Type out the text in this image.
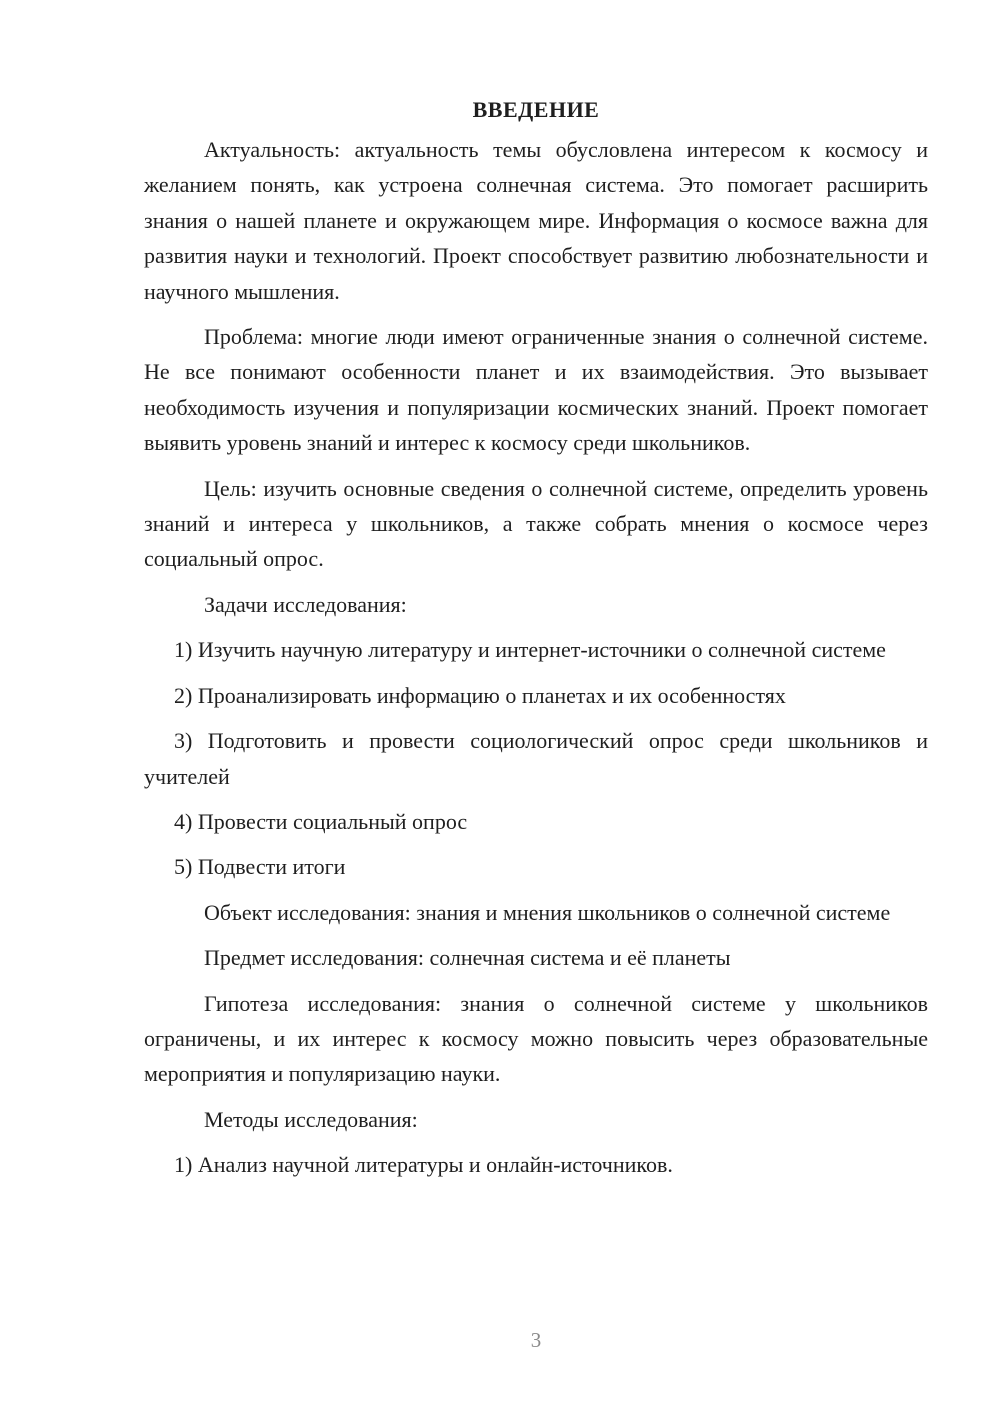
ВВЕДЕНИЕ

Актуальность: актуальность темы обусловлена интересом к космосу и желанием понять, как устроена солнечная система. Это помогает расширить знания о нашей планете и окружающем мире. Информация о космосе важна для развития науки и технологий. Проект способствует развитию любознательности и научного мышления.

Проблема: многие люди имеют ограниченные знания о солнечной системе. Не все понимают особенности планет и их взаимодействия. Это вызывает необходимость изучения и популяризации космических знаний. Проект помогает выявить уровень знаний и интерес к космосу среди школьников.

Цель: изучить основные сведения о солнечной системе, определить уровень знаний и интереса у школьников, а также собрать мнения о космосе через социальный опрос.

Задачи исследования:

1) Изучить научную литературу и интернет-источники о солнечной системе

2) Проанализировать информацию о планетах и их особенностях

3) Подготовить и провести социологический опрос среди школьников и учителей

4) Провести социальный опрос

5) Подвести итоги

Объект исследования: знания и мнения школьников о солнечной системе

Предмет исследования: солнечная система и её планеты

Гипотеза исследования: знания о солнечной системе у школьников ограничены, и их интерес к космосу можно повысить через образовательные мероприятия и популяризацию науки.

Методы исследования:

1) Анализ научной литературы и онлайн-источников.

3
